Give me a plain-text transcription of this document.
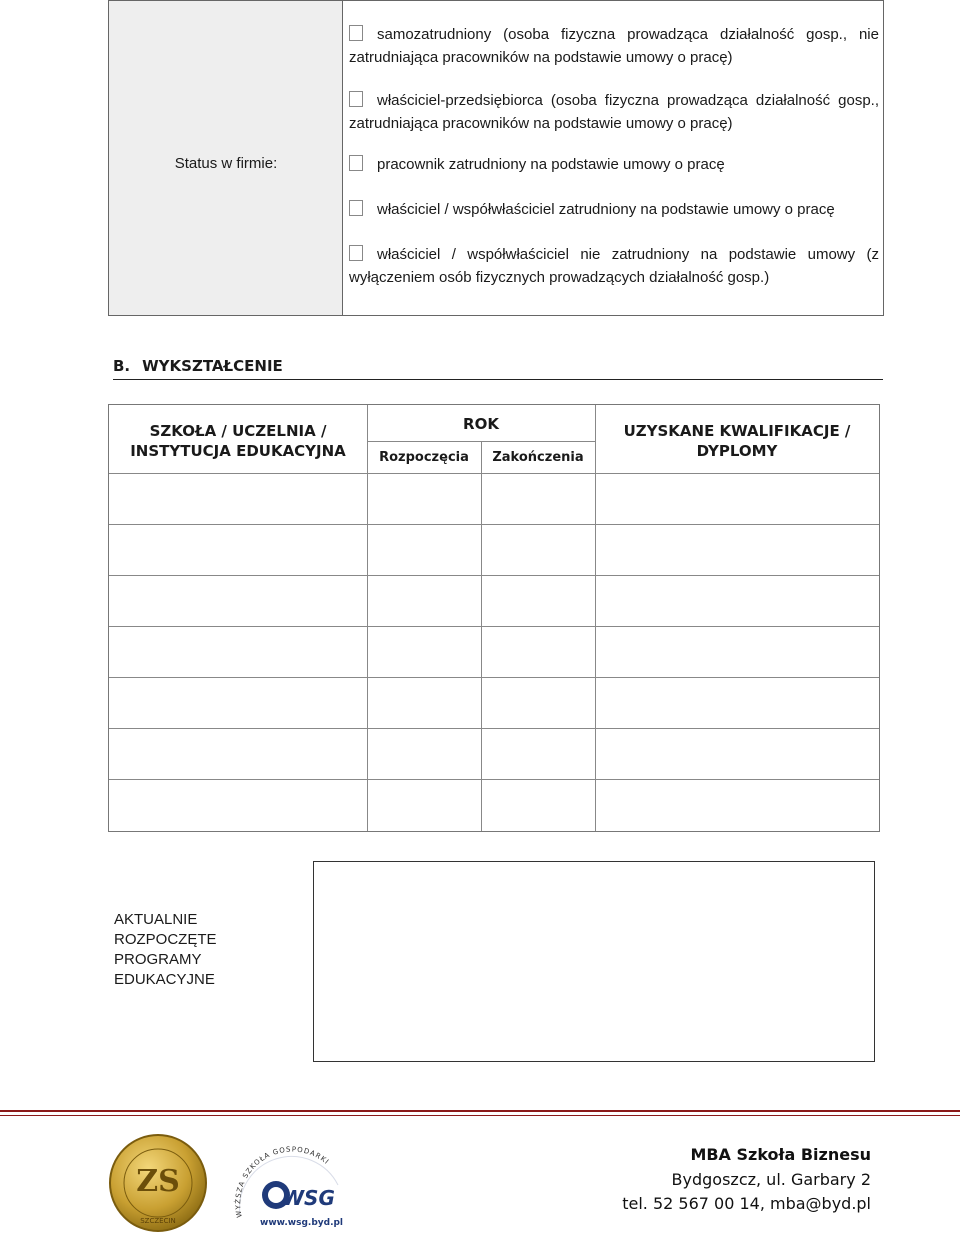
Status w firmie:
samozatrudniony (osoba fizyczna prowadząca działalność gosp., nie zatrudniająca pracowników na podstawie umowy o pracę)
właściciel-przedsiębiorca (osoba fizyczna prowadząca działalność gosp., zatrudniająca pracowników na podstawie umowy o pracę)
pracownik zatrudniony na podstawie umowy o pracę
właściciel / współwłaściciel zatrudniony na podstawie umowy o pracę
właściciel / współwłaściciel nie zatrudniony na podstawie umowy (z wyłączeniem osób fizycznych prowadzących działalność gosp.)
B. WYKSZTAŁCENIE
SZKOŁA / UCZELNIA / INSTYTUCJA EDUKACYJNA
ROK
Rozpoczęcia	Zakończenia
UZYSKANE KWALIFIKACJE / DYPLOMY
AKTUALNIE ROZPOCZĘTE PROGRAMY EDUKACYJNE
ZS
SZCZECIN
WYŻSZA SZKOŁA GOSPODARKI
WSG
www.wsg.byd.pl
MBA Szkoła Biznesu
Bydgoszcz, ul. Garbary 2
tel. 52 567 00 14, mba@byd.pl
